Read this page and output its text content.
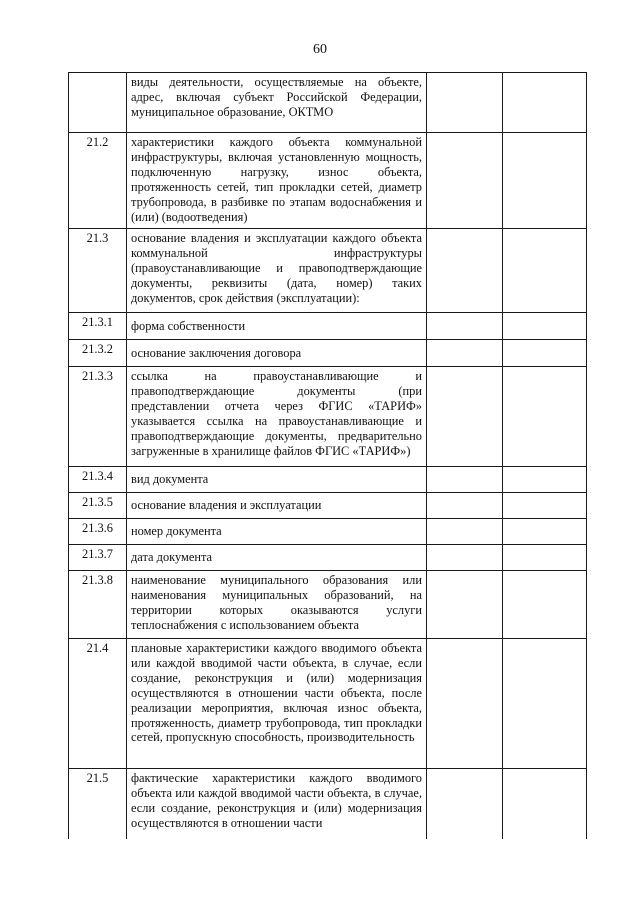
60
	виды деятельности, осуществляемые на объекте, адрес, включая субъект Российской Федерации, муниципальное образование, ОКТМО		
21.2	характеристики каждого объекта коммунальной инфраструктуры, включая установленную мощность, подключенную нагрузку, износ объекта, протяженность сетей, тип прокладки сетей, диаметр трубопровода, в разбивке по этапам водоснабжения и (или) (водоотведения)		
21.3	основание владения и эксплуатации каждого объекта коммунальной инфраструктуры (правоустанавливающие и правоподтверждающие документы, реквизиты (дата, номер) таких документов, срок действия (эксплуатации):		
21.3.1	форма собственности		
21.3.2	основание заключения договора		
21.3.3	ссылка на правоустанавливающие и правоподтверждающие документы (при представлении отчета через ФГИС «ТАРИФ» указывается ссылка на правоустанавливающие и правоподтверждающие документы, предварительно загруженные в хранилище файлов ФГИС «ТАРИФ»)		
21.3.4	вид документа		
21.3.5	основание владения и эксплуатации		
21.3.6	номер документа		
21.3.7	дата документа		
21.3.8	наименование муниципального образования или наименования муниципальных образований, на территории которых оказываются услуги теплоснабжения с использованием объекта		
21.4	плановые характеристики каждого вводимого объекта или каждой вводимой части объекта, в случае, если создание, реконструкция и (или) модернизация осуществляются в отношении части объекта, после реализации мероприятия, включая износ объекта, протяженность, диаметр трубопровода, тип прокладки сетей, пропускную способность, производительность		
21.5	фактические характеристики каждого вводимого объекта или каждой вводимой части объекта, в случае, если создание, реконструкция и (или) модернизация осуществляются в отношении части		
